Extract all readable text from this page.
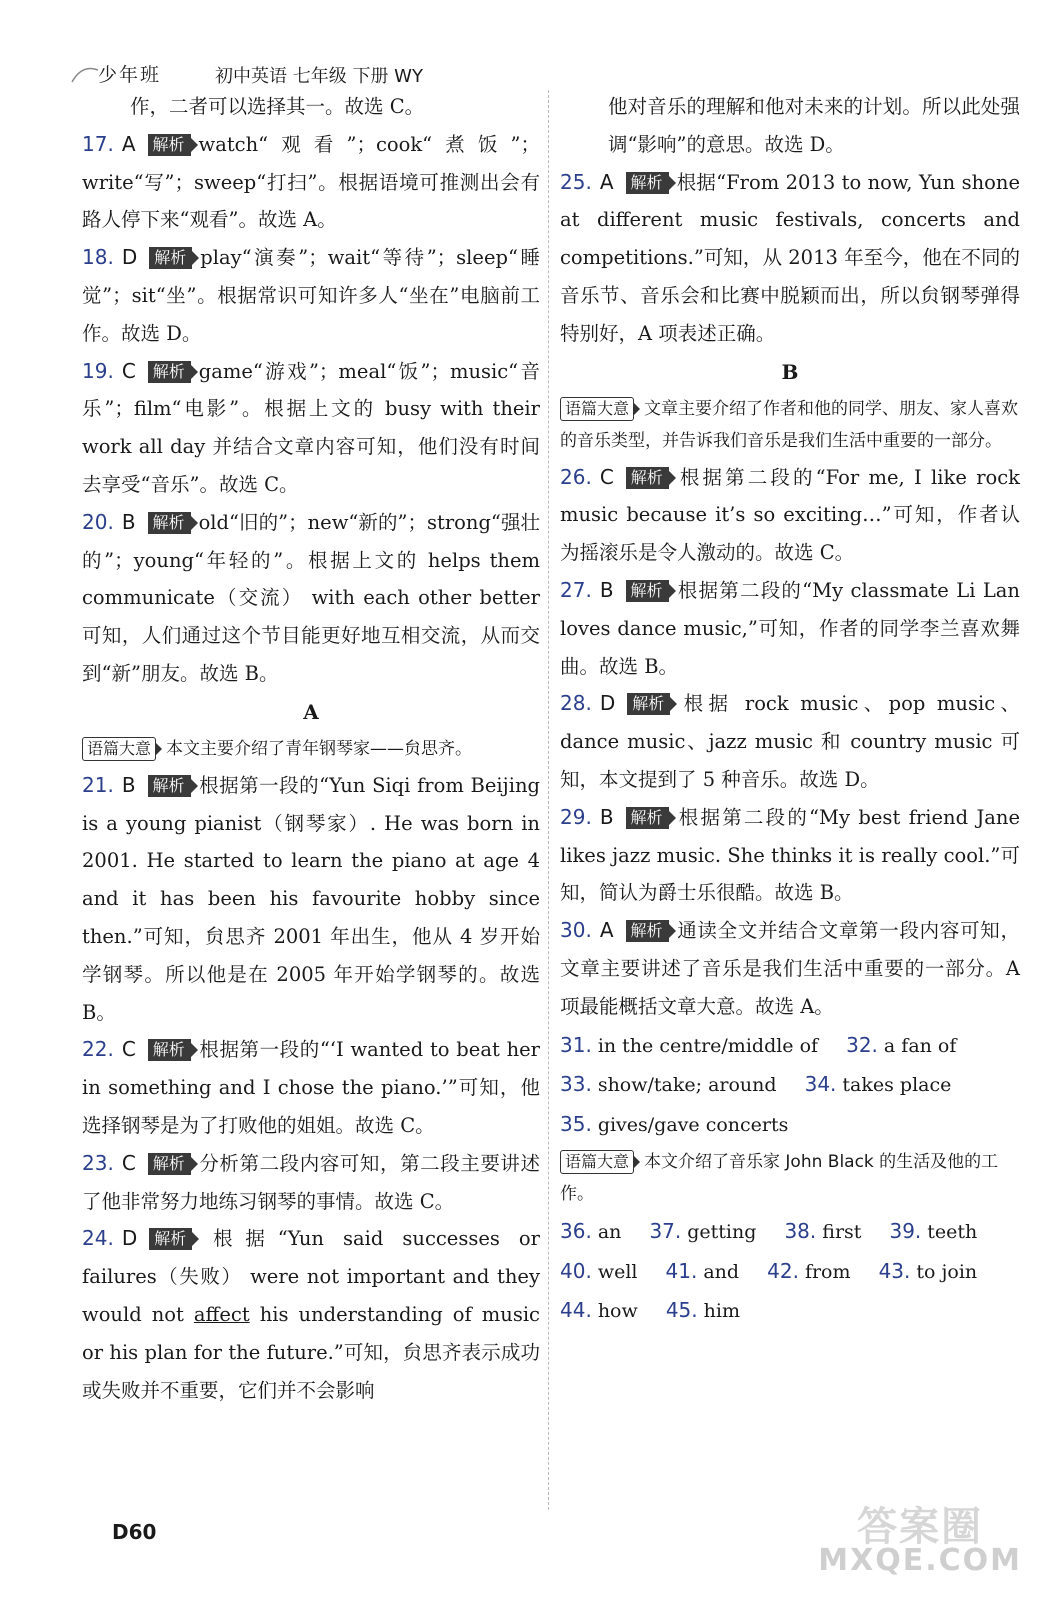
少年班	初中英语 七年级 下册 WY

作，二者可以选择其一。故选 C。

17. A 解析 watch“观看”；cook“煮饭”；write“写”；sweep“打扫”。根据语境可推测出会有路人停下来“观看”。故选 A。

18. D 解析 play“演奏”；wait“等待”；sleep“睡觉”；sit“坐”。根据常识可知许多人“坐在”电脑前工作。故选 D。

19. C 解析 game“游戏”；meal“饭”；music“音乐”；film“电影”。根据上文的 busy with their work all day 并结合文章内容可知，他们没有时间去享受“音乐”。故选 C。

20. B 解析 old“旧的”；new“新的”；strong“强壮的”；young“年轻的”。根据上文的 helps them communicate（交流） with each other better 可知，人们通过这个节目能更好地互相交流，从而交到“新”朋友。故选 B。

A

语篇大意 本文主要介绍了青年钢琴家——贠思齐。

21. B 解析 根据第一段的“Yun Siqi from Beijing is a young pianist（钢琴家）. He was born in 2001. He started to learn the piano at age 4 and it has been his favourite hobby since then.”可知，贠思齐 2001 年出生，他从 4 岁开始学钢琴。所以他是在 2005 年开始学钢琴的。故选 B。

22. C 解析 根据第一段的“‘I wanted to beat her in something and I chose the piano.’”可知，他选择钢琴是为了打败他的姐姐。故选 C。

23. C 解析 分析第二段内容可知，第二段主要讲述了他非常努力地练习钢琴的事情。故选 C。

24. D 解析 根据“Yun said successes or failures（失败） were not important and they would not affect his understanding of music or his plan for the future.”可知，贠思齐表示成功或失败并不重要，它们并不会影响

他对音乐的理解和他对未来的计划。所以此处强调“影响”的意思。故选 D。

25. A 解析 根据“From 2013 to now, Yun shone at different music festivals, concerts and competitions.”可知，从 2013 年至今，他在不同的音乐节、音乐会和比赛中脱颖而出，所以贠钢琴弹得特别好，A 项表述正确。

B

语篇大意 文章主要介绍了作者和他的同学、朋友、家人喜欢的音乐类型，并告诉我们音乐是我们生活中重要的一部分。

26. C 解析 根据第二段的“For me, I like rock music because it’s so exciting…”可知，作者认为摇滚乐是令人激动的。故选 C。

27. B 解析 根据第二段的“My classmate Li Lan loves dance music,”可知，作者的同学李兰喜欢舞曲。故选 B。

28. D 解析 根据 rock music、pop music、dance music、jazz music 和 country music 可知，本文提到了 5 种音乐。故选 D。

29. B 解析 根据第二段的“My best friend Jane likes jazz music. She thinks it is really cool.”可知，简认为爵士乐很酷。故选 B。

30. A 解析 通读全文并结合文章第一段内容可知，文章主要讲述了音乐是我们生活中重要的一部分。A 项最能概括文章大意。故选 A。

31. in the centre/middle of 32. a fan of

33. show/take; around 34. takes place

35. gives/gave concerts

语篇大意 本文介绍了音乐家 John Black 的生活及他的工作。

36. an 37. getting 38. first 39. teeth

40. well 41. and 42. from 43. to join

44. how 45. him

D60	答案圈
MXQE.COM
